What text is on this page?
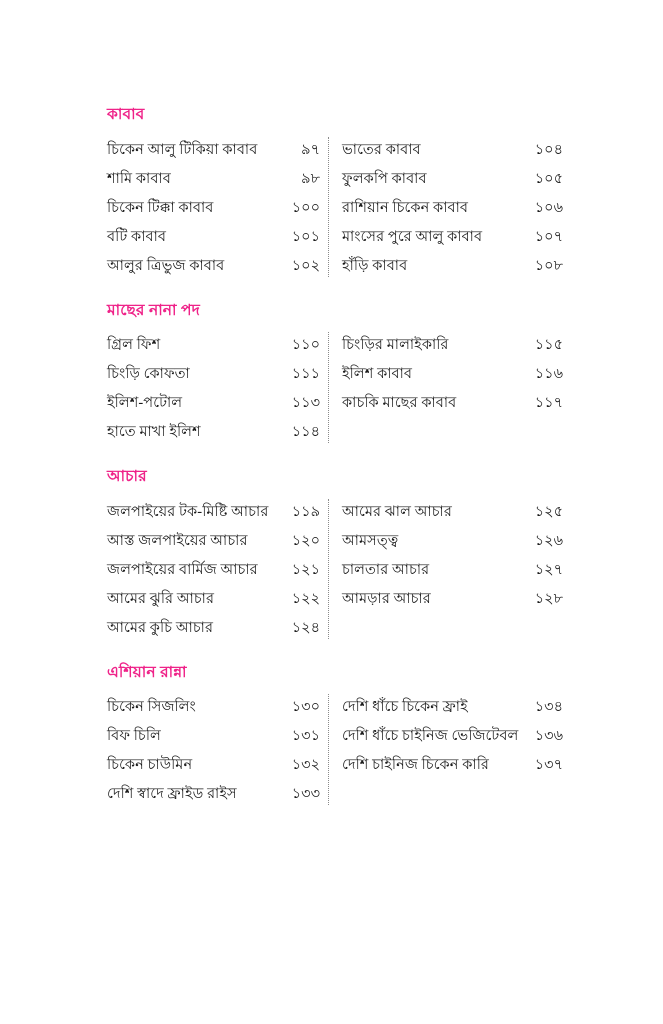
কাবাব
চিকেন আলু টিকিয়া কাবাব	৯৭
শামি কাবাব	৯৮
চিকেন টিক্কা কাবাব	১০০
বটি কাবাব	১০১
আলুর ত্রিভুজ কাবাব	১০২
ভাতের কাবাব	১০৪
ফুলকপি কাবাব	১০৫
রাশিয়ান চিকেন কাবাব	১০৬
মাংসের পুরে আলু কাবাব	১০৭
হাঁড়ি কাবাব	১০৮
মাছের নানা পদ
গ্রিল ফিশ	১১০
চিংড়ি কোফতা	১১১
ইলিশ-পটোল	১১৩
হাতে মাখা ইলিশ	১১৪
চিংড়ির মালাইকারি	১১৫
ইলিশ কাবাব	১১৬
কাচকি মাছের কাবাব	১১৭
আচার
জলপাইয়ের টক-মিষ্টি আচার	১১৯
আস্ত জলপাইয়ের আচার	১২০
জলপাইয়ের বার্মিজ আচার	১২১
আমের ঝুরি আচার	১২২
আমের কুচি আচার	১২৪
আমের ঝাল আচার	১২৫
আমসত্ত্ব	১২৬
চালতার আচার	১২৭
আমড়ার আচার	১২৮
এশিয়ান রান্না
চিকেন সিজলিং	১৩০
বিফ চিলি	১৩১
চিকেন চাউমিন	১৩২
দেশি স্বাদে ফ্রাইড রাইস	১৩৩
দেশি ধাঁচে চিকেন ফ্রাই	১৩৪
দেশি ধাঁচে চাইনিজ ভেজিটেবল	১৩৬
দেশি চাইনিজ চিকেন কারি	১৩৭
